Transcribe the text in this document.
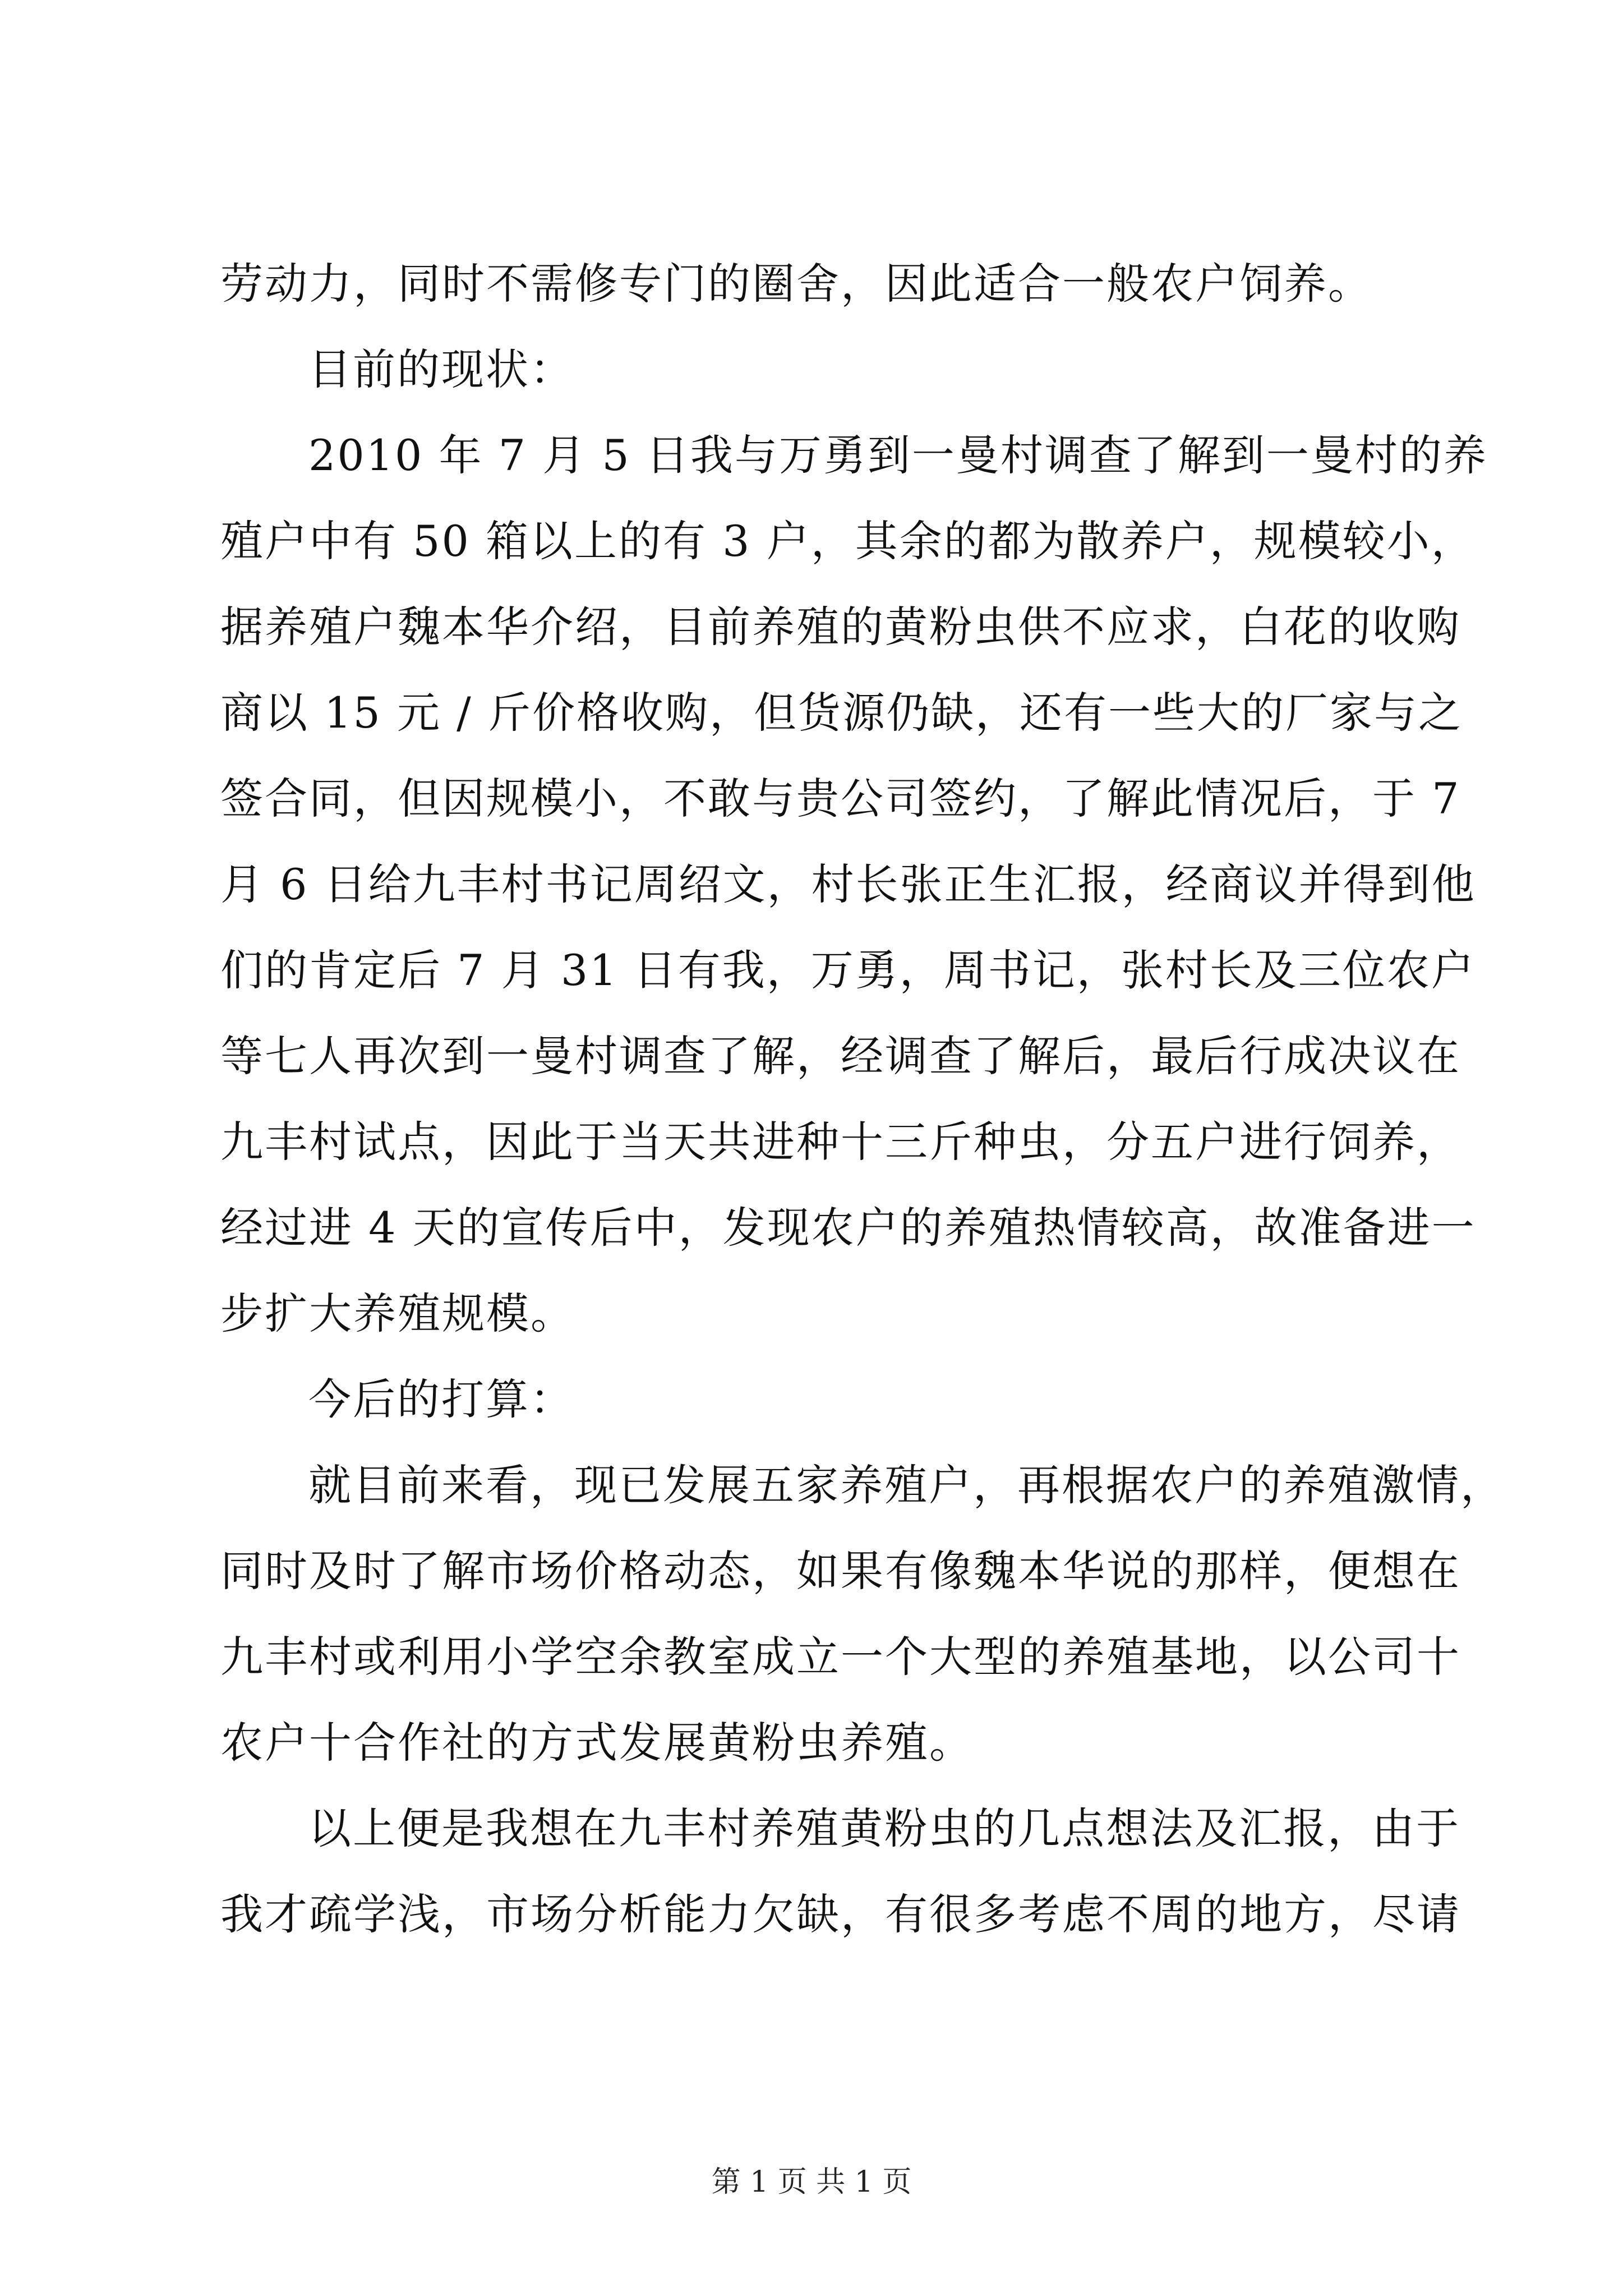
劳动力，同时不需修专门的圈舍，因此适合一般农户饲养。
目前的现状：
2010 年 7 月 5 日我与万勇到一曼村调查了解到一曼村的养
殖户中有 50 箱以上的有 3 户，其余的都为散养户，规模较小，
据养殖户魏本华介绍，目前养殖的黄粉虫供不应求，白花的收购
商以 15 元 / 斤价格收购，但货源仍缺，还有一些大的厂家与之
签合同，但因规模小，不敢与贵公司签约，了解此情况后，于 7
月 6 日给九丰村书记周绍文，村长张正生汇报，经商议并得到他
们的肯定后 7 月 31 日有我，万勇，周书记，张村长及三位农户
等七人再次到一曼村调查了解，经调查了解后，最后行成决议在
九丰村试点，因此于当天共进种十三斤种虫，分五户进行饲养，
经过进 4 天的宣传后中，发现农户的养殖热情较高，故准备进一
步扩大养殖规模。
今后的打算：
就目前来看，现已发展五家养殖户，再根据农户的养殖激情，
同时及时了解市场价格动态，如果有像魏本华说的那样，便想在
九丰村或利用小学空余教室成立一个大型的养殖基地，以公司十
农户十合作社的方式发展黄粉虫养殖。
以上便是我想在九丰村养殖黄粉虫的几点想法及汇报，由于
我才疏学浅，市场分析能力欠缺，有很多考虑不周的地方，尽请
第 1 页 共 1 页
